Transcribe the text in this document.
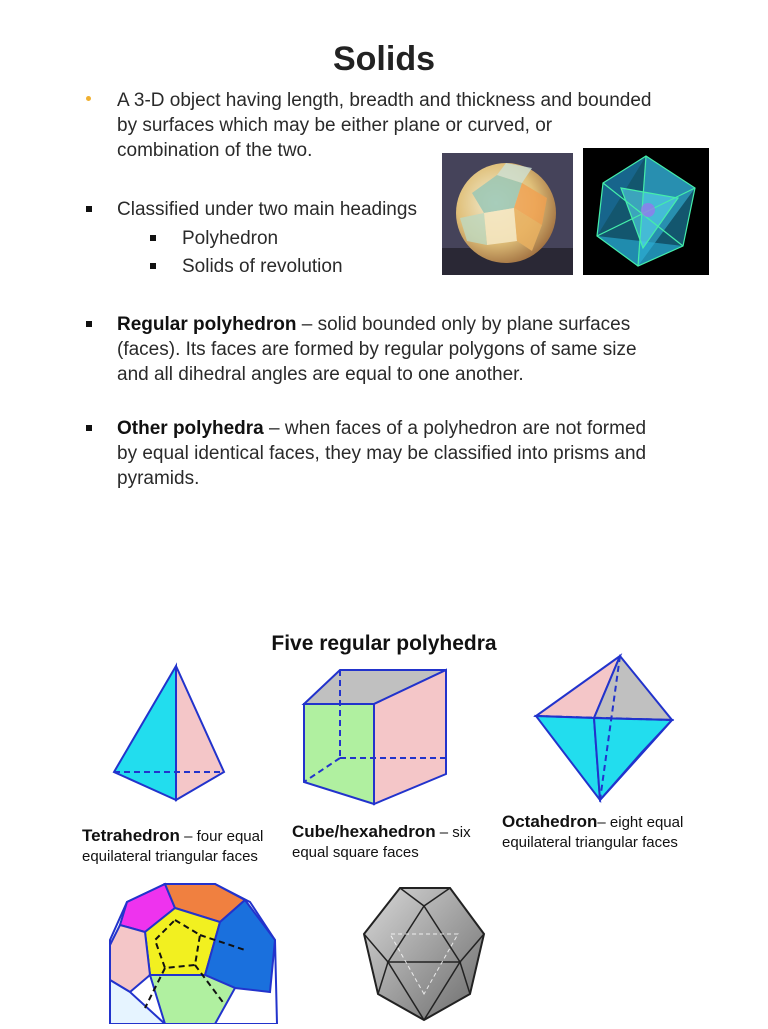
Solids
A 3-D object having length, breadth and thickness and bounded
by surfaces which may be either plane or curved, or
combination of the two.
Classified under two main headings
Polyhedron
Solids of revolution
Regular polyhedron – solid bounded only by plane surfaces
(faces). Its faces are formed by regular polygons of same size
and all dihedral angles are equal to one another.
Other polyhedra – when faces of a polyhedron are not formed
by equal identical faces, they may be classified into prisms and
pyramids.
Five regular polyhedra
Tetrahedron – four equal
equilateral triangular faces
Cube/hexahedron – six
equal square faces
Octahedron– eight equal
equilateral triangular faces
